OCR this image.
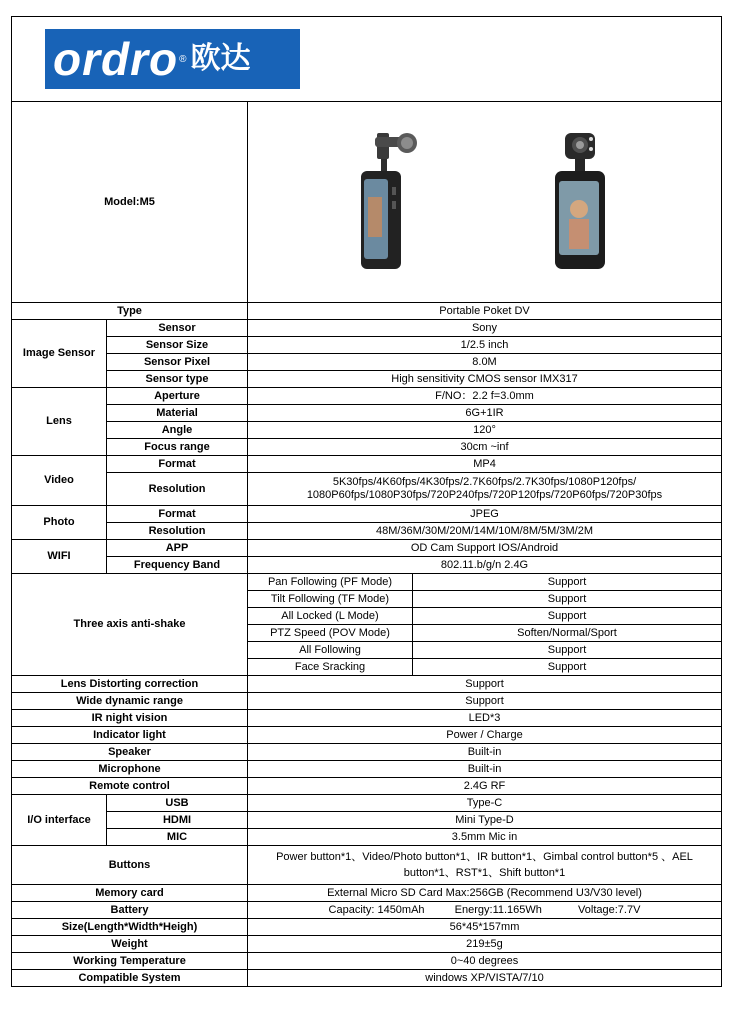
ordro ® 欧达			

Model:M5	

Type		Portable Poket DV	
Image Sensor	Sensor	Sony	
	Sensor Size	1/2.5 inch	
	Sensor Pixel	8.0M	
	Sensor type	High sensitivity CMOS sensor IMX317	
Lens	Aperture	F/NO：2.2 f=3.0mm	
	Material	6G+1IR	
	Angle	120°	
	Focus range	30cm ~inf	
Video	Format	MP4	
	Resolution	5K30fps/4K60fps/4K30fps/2.7K60fps/2.7K30fps/1080P120fps/
1080P60fps/1080P30fps/720P240fps/720P120fps/720P60fps/720P30fps	

Photo	Format	JPEG	
	Resolution	48M/36M/30M/20M/14M/10M/8M/5M/3M/2M	
WIFI	APP	OD Cam Support IOS/Android	
	Frequency Band	802.11.b/g/n 2.4G	
Three axis anti-shake		Pan Following (PF Mode)	Support
		Tilt Following (TF Mode)	Support
		All Locked (L Mode)	Support
		PTZ Speed (POV Mode)	Soften/Normal/Sport
		All Following	Support
		Face Sracking	Support
Lens Distorting correction		Support	
Wide dynamic range		Support	
IR night vision		LED*3	
Indicator light		Power / Charge	
Speaker		Built-in	
Microphone		Built-in	
Remote control		2.4G RF	
I/O interface	USB	Type-C	
	HDMI	Mini Type-D	
	MIC	3.5mm Mic in	
Buttons		Power button*1、Video/Photo button*1、IR button*1、Gimbal control button*5 、AEL
button*1、RST*1、Shift button*1	

Memory card		External Micro SD Card Max:256GB (Recommend U3/V30 level)	
Battery		Capacity: 1450mAh Energy:11.165Wh Voltage:7.7V	
Size(Length*Width*Heigh)		56*45*157mm	
Weight		219±5g	
Working Temperature		0~40 degrees	
Compatible System		windows XP/VISTA/7/10	
